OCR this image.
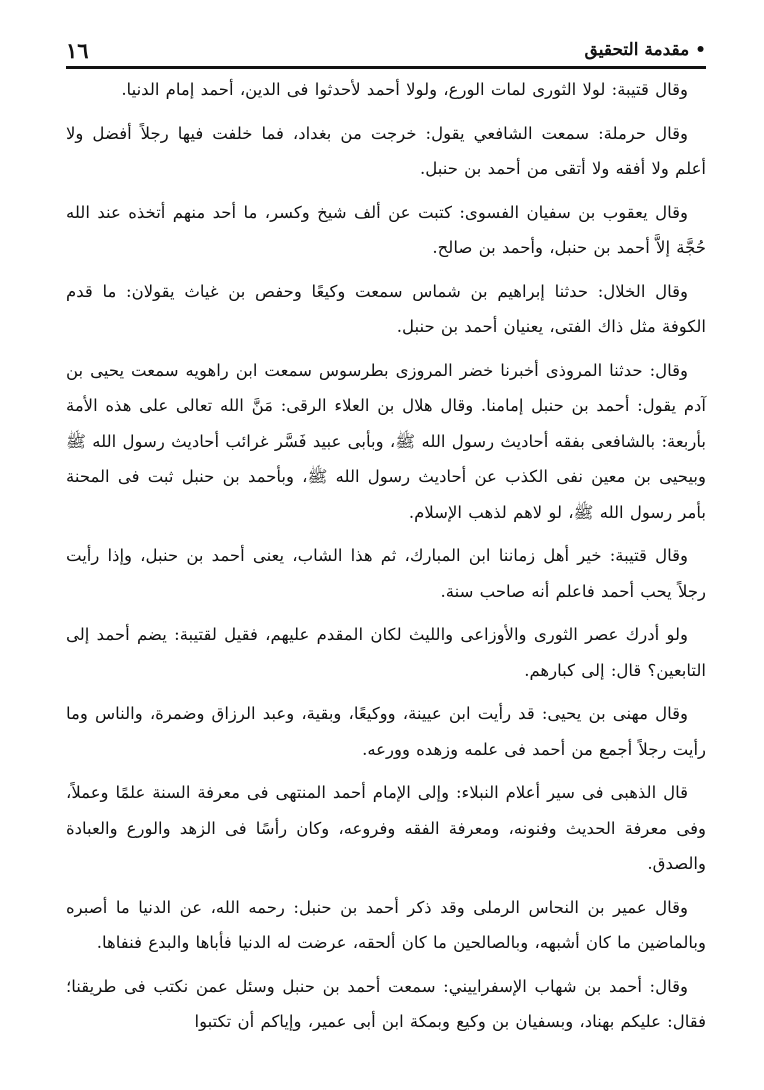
• مقدمة التحقيق
١٦

وقال قتيبة: لولا الثورى لمات الورع، ولولا أحمد لأحدثوا فى الدين، أحمد إمام الدنيا.

وقال حرملة: سمعت الشافعي يقول: خرجت من بغداد، فما خلفت فيها رجلاً أفضل ولا أعلم ولا أفقه ولا أتقى من أحمد بن حنبل.

وقال يعقوب بن سفيان الفسوى: كتبت عن ألف شيخ وكسر، ما أحد منهم أتخذه عند الله حُجَّة إلاَّ أحمد بن حنبل، وأحمد بن صالح.

وقال الخلال: حدثنا إبراهيم بن شماس سمعت وكيعًا وحفص بن غياث يقولان: ما قدم الكوفة مثل ذاك الفتى، يعنيان أحمد بن حنبل.

وقال: حدثنا المروذى أخبرنا خضر المروزى بطرسوس سمعت ابن راهويه سمعت يحيى بن آدم يقول: أحمد بن حنبل إمامنا. وقال هلال بن العلاء الرقى: مَنَّ الله تعالى على هذه الأمة بأربعة: بالشافعى بفقه أحاديث رسول الله ﷺ، وبأبى عبيد فَسَّر غرائب أحاديث رسول الله ﷺ وبيحيى بن معين نفى الكذب عن أحاديث رسول الله ﷺ، وبأحمد بن حنبل ثبت فى المحنة بأمر رسول الله ﷺ، لو لاهم لذهب الإسلام.

وقال قتيبة: خير أهل زماننا ابن المبارك، ثم هذا الشاب، يعنى أحمد بن حنبل، وإذا رأيت رجلاً يحب أحمد فاعلم أنه صاحب سنة.

ولو أدرك عصر الثورى والأوزاعى والليث لكان المقدم عليهم، فقيل لقتيبة: يضم أحمد إلى التابعين؟ قال: إلى كبارهم.

وقال مهنى بن يحيى: قد رأيت ابن عيينة، ووكيعًا، وبقية، وعبد الرزاق وضمرة، والناس وما رأيت رجلاً أجمع من أحمد فى علمه وزهده وورعه.

قال الذهبى فى سير أعلام النبلاء: وإلى الإمام أحمد المنتهى فى معرفة السنة علمًا وعملاً، وفى معرفة الحديث وفنونه، ومعرفة الفقه وفروعه، وكان رأسًا فى الزهد والورع والعبادة والصدق.

وقال عمير بن النحاس الرملى وقد ذكر أحمد بن حنبل: رحمه الله، عن الدنيا ما أصبره وبالماضين ما كان أشبهه، وبالصالحين ما كان ألحقه، عرضت له الدنيا فأباها والبدع فنفاها.

وقال: أحمد بن شهاب الإسفراييني: سمعت أحمد بن حنبل وسئل عمن نكتب فى طريقنا؛ فقال: عليكم بهناد، وبسفيان بن وكيع وبمكة ابن أبى عمير، وإياكم أن تكتبوا
